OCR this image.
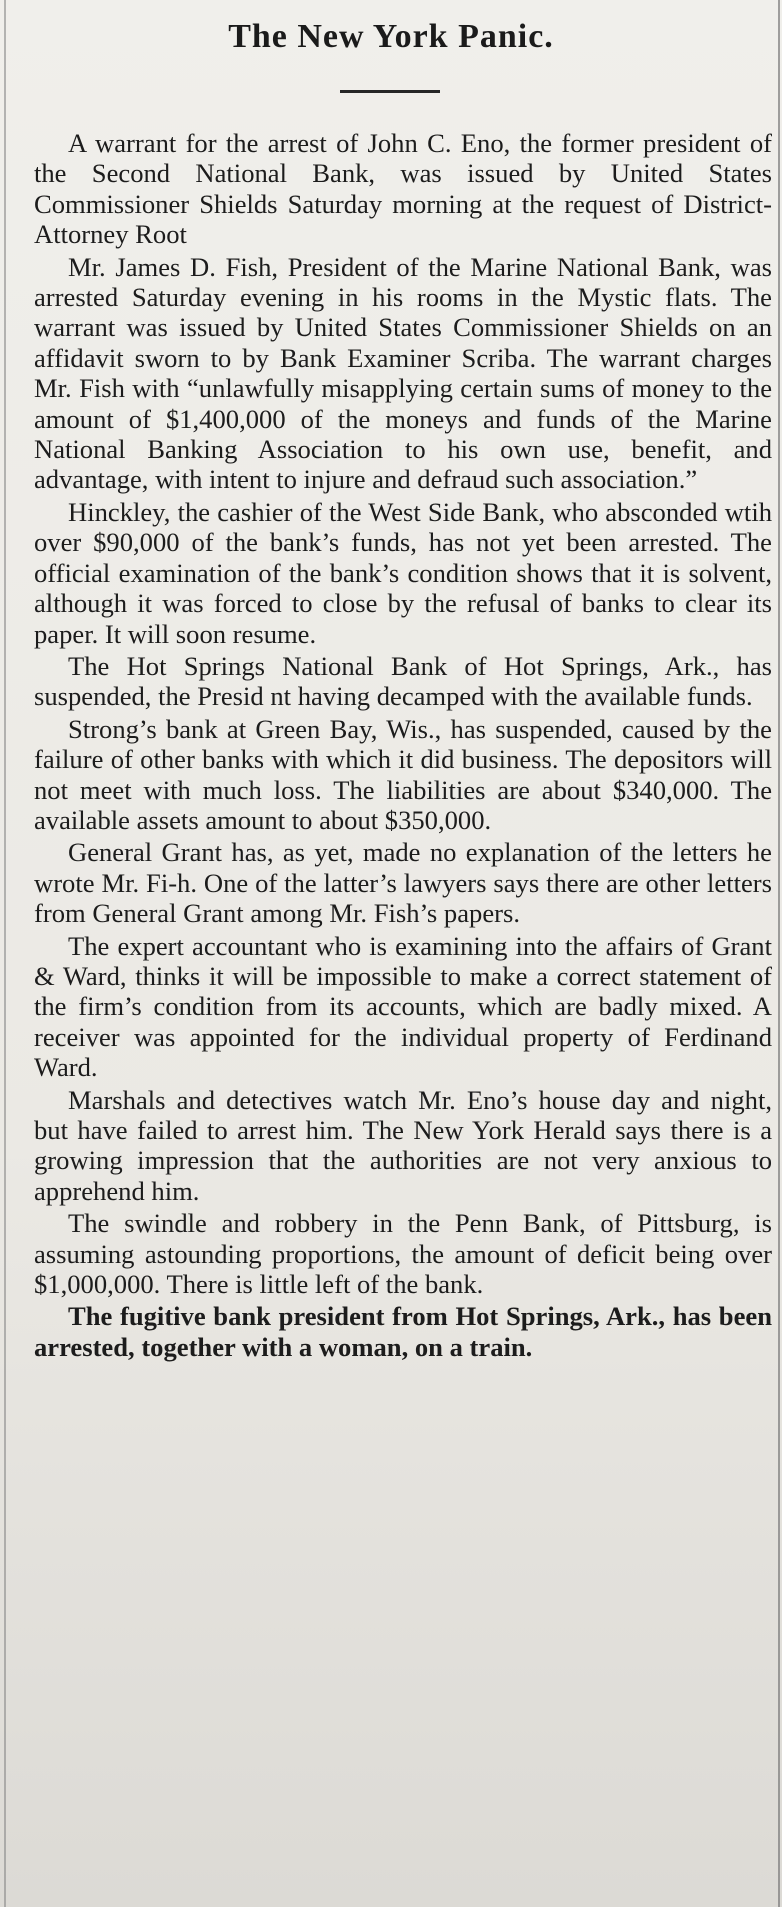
The New York Panic.

A warrant for the arrest of John C. Eno, the former president of the Second National Bank, was issued by United States Commissioner Shields Saturday morning at the request of District-Attorney Root

Mr. James D. Fish, President of the Marine National Bank, was arrested Saturday evening in his rooms in the Mystic flats. The warrant was issued by United States Commissioner Shields on an affidavit sworn to by Bank Examiner Scriba. The warrant charges Mr. Fish with “unlawfully misapplying certain sums of money to the amount of $1,400,000 of the moneys and funds of the Marine National Banking Association to his own use, benefit, and advantage, with intent to injure and defraud such association.”

Hinckley, the cashier of the West Side Bank, who absconded wtih over $90,000 of the bank’s funds, has not yet been arrested. The official examination of the bank’s condition shows that it is solvent, although it was forced to close by the refusal of banks to clear its paper. It will soon resume.

The Hot Springs National Bank of Hot Springs, Ark., has suspended, the Presid nt having decamped with the available funds.

Strong’s bank at Green Bay, Wis., has suspended, caused by the failure of other banks with which it did business. The depositors will not meet with much loss. The liabilities are about $340,000. The available assets amount to about $350,000.

General Grant has, as yet, made no explanation of the letters he wrote Mr. Fi-h. One of the latter’s lawyers says there are other letters from General Grant among Mr. Fish’s papers.

The expert accountant who is examining into the affairs of Grant & Ward, thinks it will be impossible to make a correct statement of the firm’s condition from its accounts, which are badly mixed. A receiver was appointed for the individual property of Ferdinand Ward.

Marshals and detectives watch Mr. Eno’s house day and night, but have failed to arrest him. The New York Herald says there is a growing impression that the authorities are not very anxious to apprehend him.

The swindle and robbery in the Penn Bank, of Pittsburg, is assuming astounding proportions, the amount of deficit being over $1,000,000. There is little left of the bank.

The fugitive bank president from Hot Springs, Ark., has been arrested, together with a woman, on a train.
